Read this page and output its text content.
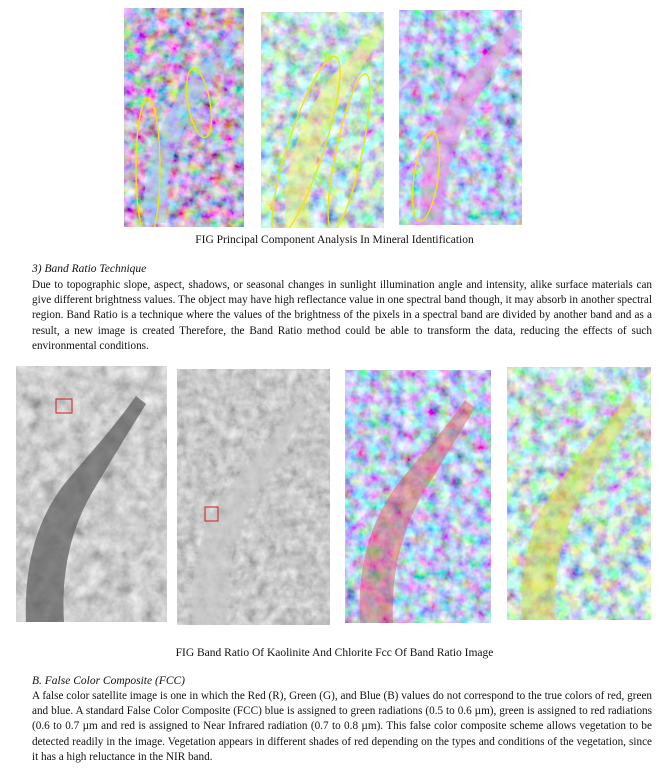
FIG Principal Component Analysis In Mineral Identification
3) Band Ratio Technique

Due to topographic slope, aspect, shadows, or seasonal changes in sunlight illumination angle and intensity, alike surface materials can give different brightness values. The object may have high reflectance value in one spectral band though, it may absorb in another spectral region. Band Ratio is a technique where the values of the brightness of the pixels in a spectral band are divided by another band and as a result, a new image is created Therefore, the Band Ratio method could be able to transform the data, reducing the effects of such environmental conditions.

FIG Band Ratio Of Kaolinite And Chlorite Fcc Of Band Ratio Image
B. False Color Composite (FCC)

A false color satellite image is one in which the Red (R), Green (G), and Blue (B) values do not correspond to the true colors of red, green and blue. A standard False Color Composite (FCC) blue is assigned to green radiations (0.5 to 0.6 µm), green is assigned to red radiations (0.6 to 0.7 µm and red is assigned to Near Infrared radiation (0.7 to 0.8 µm). This false color composite scheme allows vegetation to be detected readily in the image. Vegetation appears in different shades of red depending on the types and conditions of the vegetation, since it has a high reluctance in the NIR band.
